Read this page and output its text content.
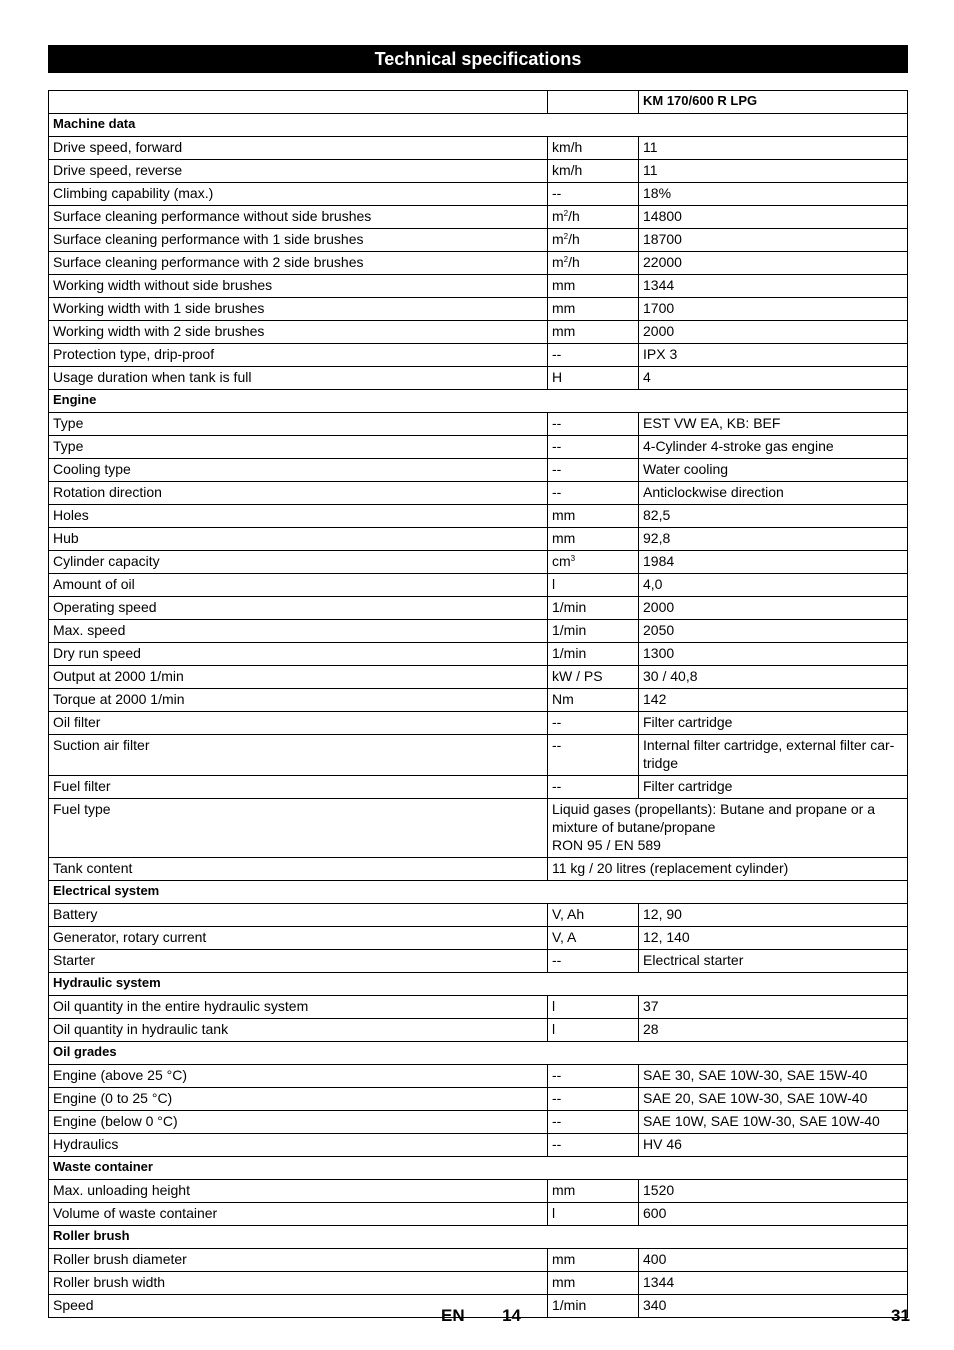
Technical specifications
		KM 170/600 R LPG
Machine data		
Drive speed, forward	km/h	11
Drive speed, reverse	km/h	11
Climbing capability (max.)	--	18%
Surface cleaning performance without side brushes	$m^2/h$	14800
Surface cleaning performance with 1 side brushes	$m^2/h$	18700
Surface cleaning performance with 2 side brushes	$m^2/h$	22000
Working width without side brushes	mm	1344
Working width with 1 side brushes	mm	1700
Working width with 2 side brushes	mm	2000
Protection type, drip-proof	--	IPX 3
Usage duration when tank is full	H	4
Engine		
Type	--	EST VW EA, KB: BEF
Type	--	4-Cylinder 4-stroke gas engine
Cooling type	--	Water cooling
Rotation direction	--	Anticlockwise direction
Holes	mm	82,5
Hub	mm	92,8
Cylinder capacity	$cm^3$	1984
Amount of oil	l	4,0
Operating speed	1/min	2000
Max. speed	1/min	2050
Dry run speed	1/min	1300
Output at 2000 1/min	kW / PS	30 / 40,8
Torque at 2000 1/min	Nm	142
Oil filter	--	Filter cartridge
Suction air filter	--	Internal filter cartridge, external filter car-tridge
Fuel filter	--	Filter cartridge
Fuel type	Liquid gases (propellants): Butane and propane or a
mixture of butane/propane
RON 95 / EN 589	
Tank content	11 kg / 20 litres (replacement cylinder)	
Electrical system		
Battery	V, Ah	12, 90
Generator, rotary current	V, A	12, 140
Starter	--	Electrical starter
Hydraulic system		
Oil quantity in the entire hydraulic system	l	37
Oil quantity in hydraulic tank	l	28
Oil grades		
Engine (above 25 °C)	--	SAE 30, SAE 10W-30, SAE 15W-40
Engine (0 to 25 °C)	--	SAE 20, SAE 10W-30, SAE 10W-40
Engine (below 0 °C)	--	SAE 10W, SAE 10W-30, SAE 10W-40
Hydraulics	--	HV 46
Waste container		
Max. unloading height	mm	1520
Volume of waste container	l	600
Roller brush		
Roller brush diameter	mm	400
Roller brush width	mm	1344
Speed	1/min	340
EN - 14	31
